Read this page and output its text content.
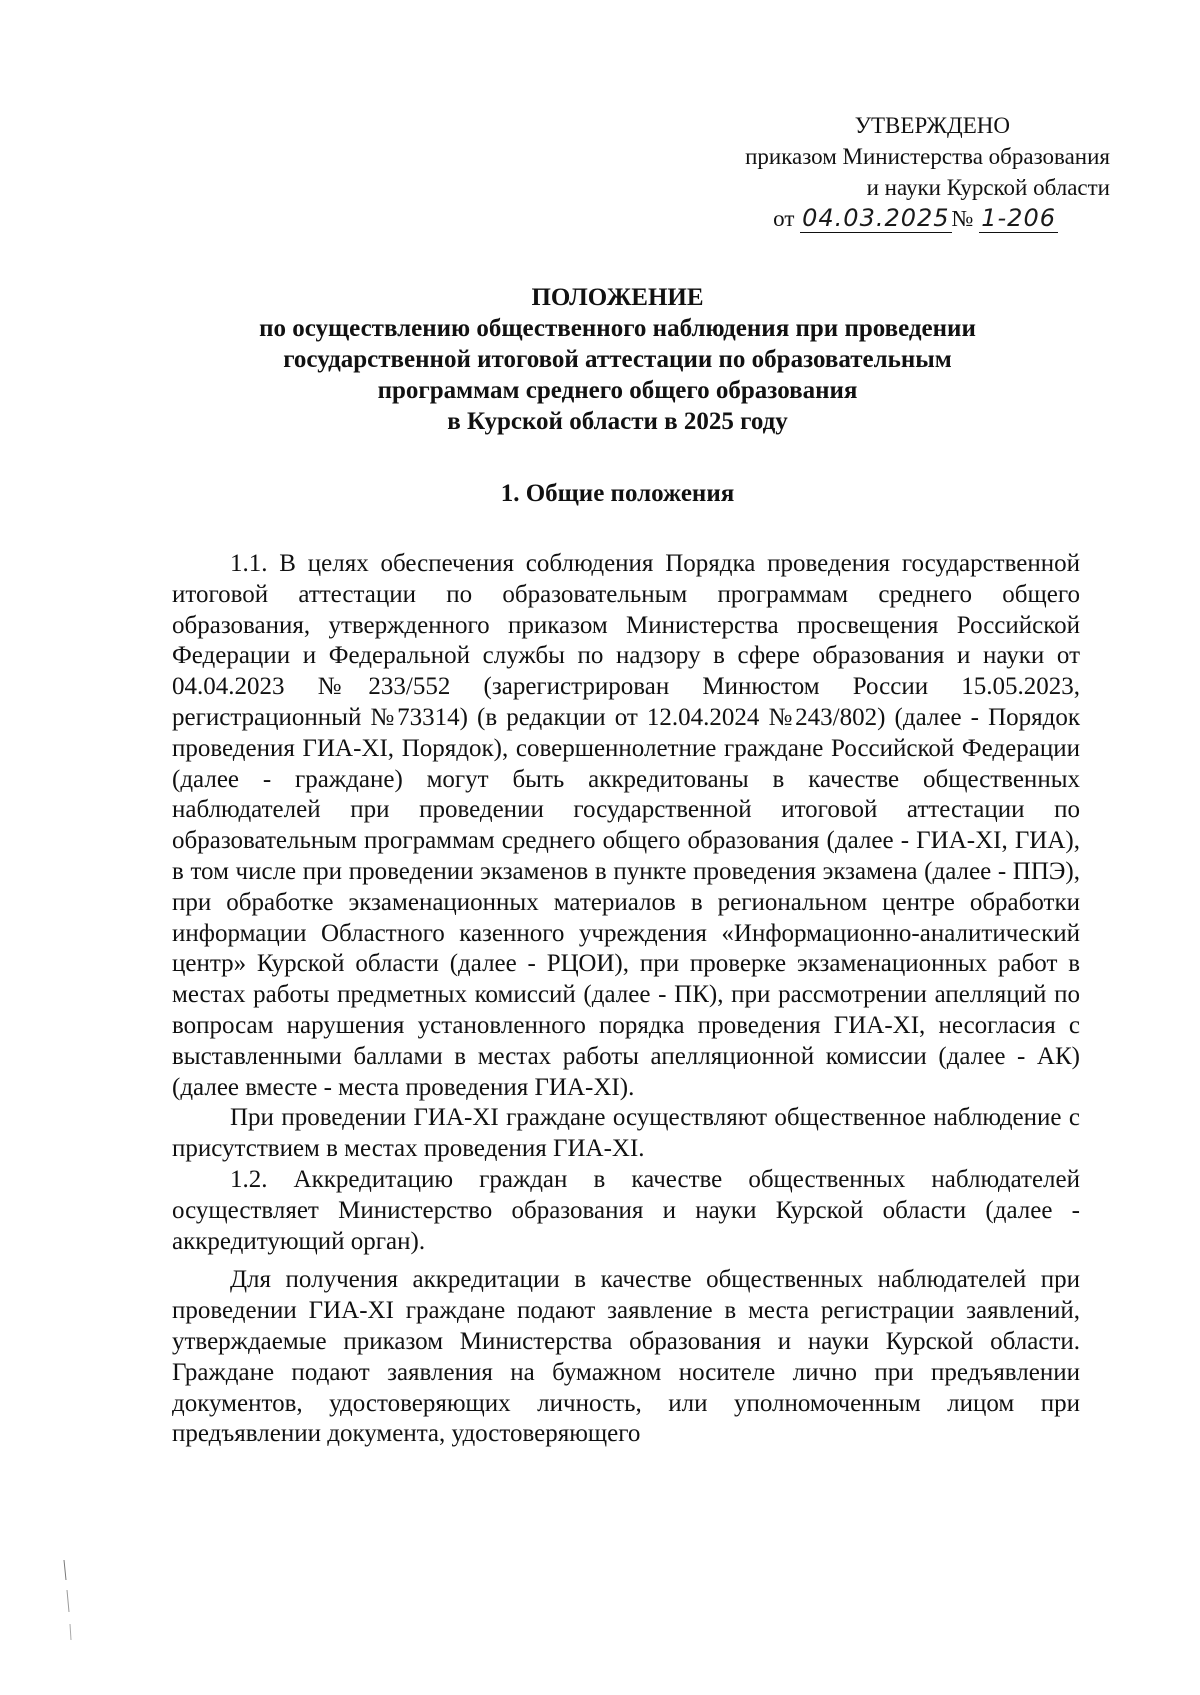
УТВЕРЖДЕНО
приказом Министерства образования
и науки Курской области
от 04.03.2025№ 1-206
ПОЛОЖЕНИЕ
по осуществлению общественного наблюдения при проведении
государственной итоговой аттестации по образовательным
программам среднего общего образования
в Курской области в 2025 году
1. Общие положения

1.1. В целях обеспечения соблюдения Порядка проведения государственной итоговой аттестации по образовательным программам среднего общего образования, утвержденного приказом Министерства просвещения Российской Федерации и Федеральной службы по надзору в сфере образования и науки от 04.04.2023 №233/552 (зарегистрирован Минюстом России 15.05.2023, регистрационный №73314) (в редакции от 12.04.2024 №243/802) (далее - Порядок проведения ГИА-XI, Порядок), совершеннолетние граждане Российской Федерации (далее - граждане) могут быть аккредитованы в качестве общественных наблюдателей при проведении государственной итоговой аттестации по образовательным программам среднего общего образования (далее - ГИА-XI, ГИА), в том числе при проведении экзаменов в пункте проведения экзамена (далее - ППЭ), при обработке экзаменационных материалов в региональном центре обработки информации Областного казенного учреждения «Информационно-аналитический центр» Курской области (далее - РЦОИ), при проверке экзаменационных работ в местах работы предметных комиссий (далее - ПК), при рассмотрении апелляций по вопросам нарушения установленного порядка проведения ГИА-XI, несогласия с выставленными баллами в местах работы апелляционной комиссии (далее - АК) (далее вместе - места проведения ГИА-XI).

При проведении ГИА-XI граждане осуществляют общественное наблюдение с присутствием в местах проведения ГИА-XI.

1.2. Аккредитацию граждан в качестве общественных наблюдателей осуществляет Министерство образования и науки Курской области (далее - аккредитующий орган).

Для получения аккредитации в качестве общественных наблюдателей при проведении ГИА-XI граждане подают заявление в места регистрации заявлений, утверждаемые приказом Министерства образования и науки Курской области. Граждане подают заявления на бумажном носителе лично при предъявлении документов, удостоверяющих личность, или уполномоченным лицом при предъявлении документа, удостоверяющего
